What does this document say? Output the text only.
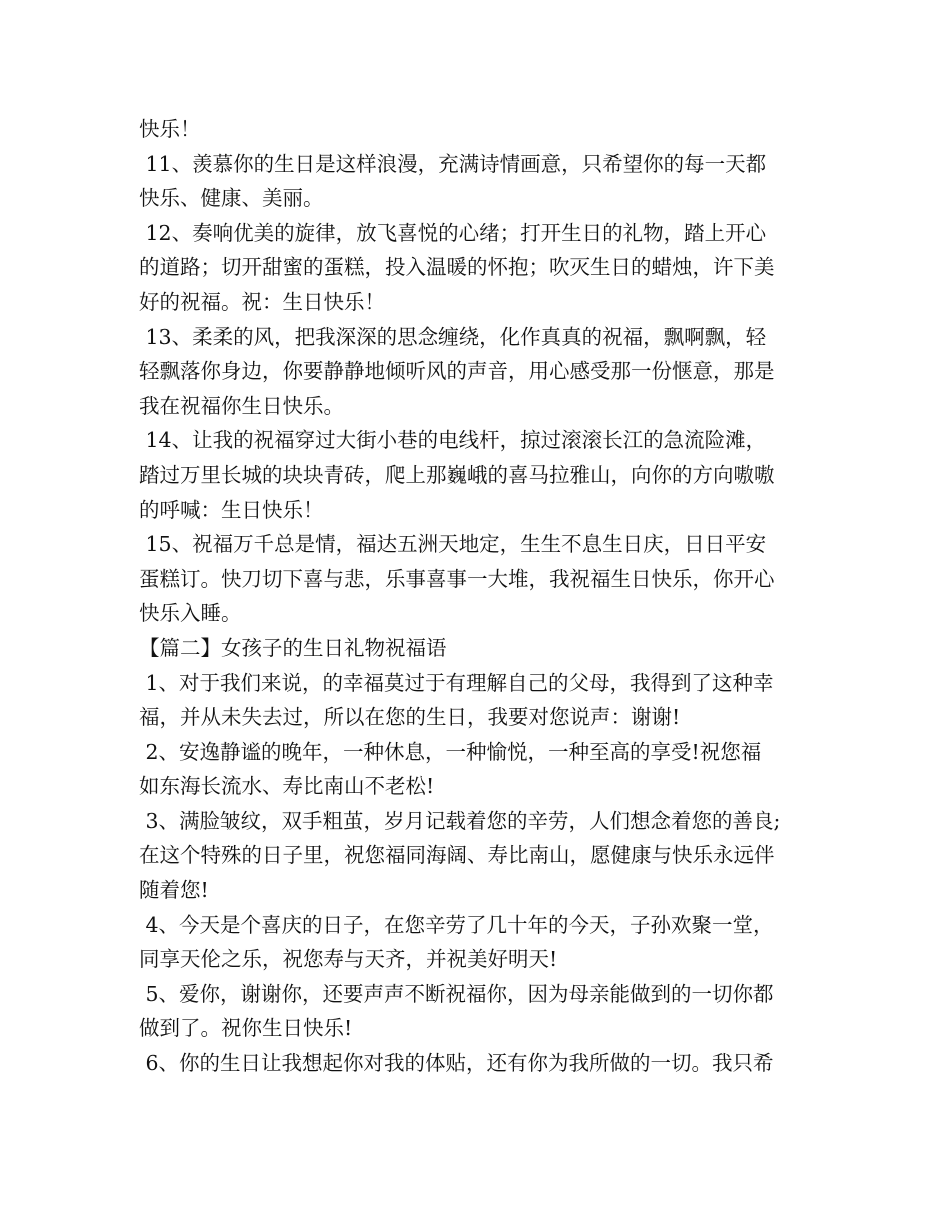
快乐！
11、羡慕你的生日是这样浪漫，充满诗情画意，只希望你的每一天都
快乐、健康、美丽。
12、奏响优美的旋律，放飞喜悦的心绪；打开生日的礼物，踏上开心
的道路；切开甜蜜的蛋糕，投入温暖的怀抱；吹灭生日的蜡烛，许下美
好的祝福。祝：生日快乐！
13、柔柔的风，把我深深的思念缠绕，化作真真的祝福，飘啊飘，轻
轻飘落你身边，你要静静地倾听风的声音，用心感受那一份惬意，那是
我在祝福你生日快乐。
14、让我的祝福穿过大街小巷的电线杆，掠过滚滚长江的急流险滩，
踏过万里长城的块块青砖，爬上那巍峨的喜马拉雅山，向你的方向嗷嗷
的呼喊：生日快乐！
15、祝福万千总是情，福达五洲天地定，生生不息生日庆，日日平安
蛋糕订。快刀切下喜与悲，乐事喜事一大堆，我祝福生日快乐，你开心
快乐入睡。
【篇二】女孩子的生日礼物祝福语
1、对于我们来说，的幸福莫过于有理解自己的父母，我得到了这种幸
福，并从未失去过，所以在您的生日，我要对您说声：谢谢!
2、安逸静谧的晚年，一种休息，一种愉悦，一种至高的享受!祝您福
如东海长流水、寿比南山不老松!
3、满脸皱纹，双手粗茧，岁月记载着您的辛劳，人们想念着您的善良;
在这个特殊的日子里，祝您福同海阔、寿比南山，愿健康与快乐永远伴
随着您!
4、今天是个喜庆的日子，在您辛劳了几十年的今天，子孙欢聚一堂，
同享天伦之乐，祝您寿与天齐，并祝美好明天!
5、爱你，谢谢你，还要声声不断祝福你，因为母亲能做到的一切你都
做到了。祝你生日快乐!
6、你的生日让我想起你对我的体贴，还有你为我所做的一切。我只希
